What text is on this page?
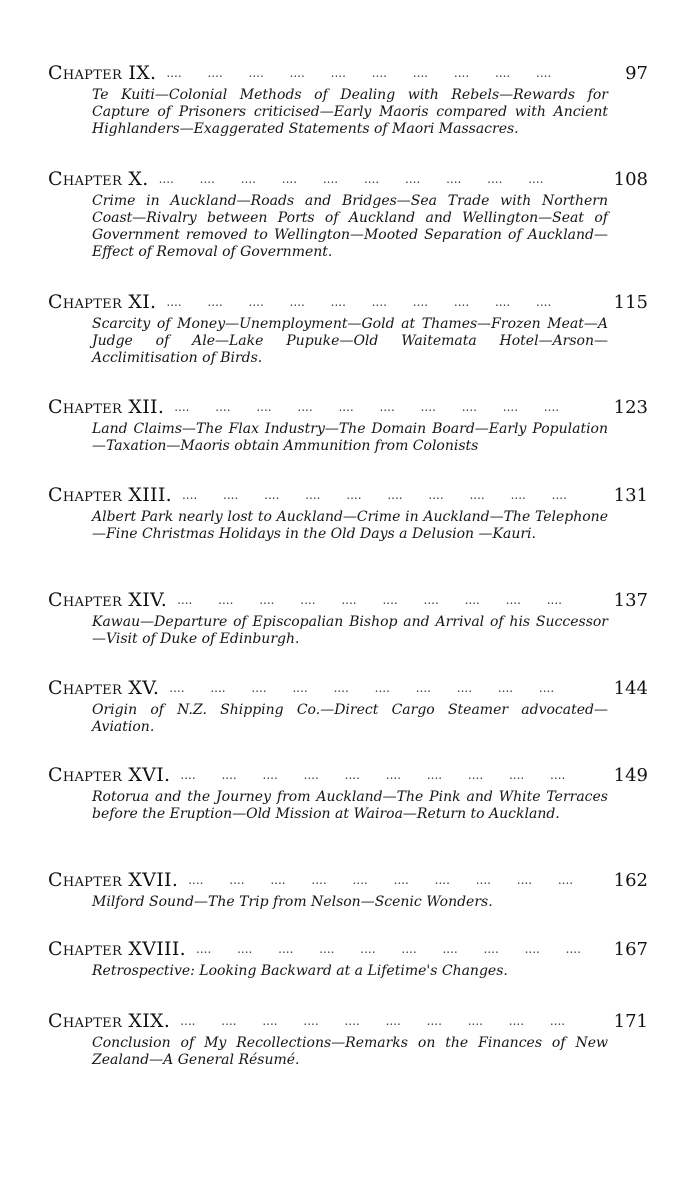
Chapter IX. .... .... .... .... .... .... .... .... .... ....	97
Te Kuiti—Colonial Methods of Dealing with Rebels—Rewards for Capture of Prisoners criticised—Early Maoris compared with Ancient Highlanders—Exaggerated Statements of Maori Massacres.
Chapter X. .... .... .... .... .... .... .... .... .... ....	108
Crime in Auckland—Roads and Bridges—Sea Trade with Northern Coast—Rivalry between Ports of Auckland and Wellington—Seat of Government removed to Wellington—Mooted Separation of Auckland—Effect of Removal of Government.
Chapter XI. .... .... .... .... .... .... .... .... .... ....	115
Scarcity of Money—Unemployment—Gold at Thames—Frozen Meat—A Judge of Ale—Lake Pupuke—Old Waitemata Hotel—Arson—Acclimitisation of Birds.
Chapter XII. .... .... .... .... .... .... .... .... .... ....	123
Land Claims—The Flax Industry—The Domain Board—Early Population—Taxation—Maoris obtain Ammunition from Colonists
Chapter XIII. .... .... .... .... .... .... .... .... .... ....	131
Albert Park nearly lost to Auckland—Crime in Auckland—The Telephone—Fine Christmas Holidays in the Old Days a Delusion —Kauri.
Chapter XIV. .... .... .... .... .... .... .... .... .... ....	137
Kawau—Departure of Episcopalian Bishop and Arrival of his Successor—Visit of Duke of Edinburgh.
Chapter XV. .... .... .... .... .... .... .... .... .... ....	144
Origin of N.Z. Shipping Co.—Direct Cargo Steamer advocated—Aviation.
Chapter XVI. .... .... .... .... .... .... .... .... .... ....	149
Rotorua and the Journey from Auckland—The Pink and White Terraces before the Eruption—Old Mission at Wairoa—Return to Auckland.
Chapter XVII. .... .... .... .... .... .... .... .... .... ....	162
Milford Sound—The Trip from Nelson—Scenic Wonders.
Chapter XVIII. .... .... .... .... .... .... .... .... .... ....	167
Retrospective: Looking Backward at a Lifetime's Changes.
Chapter XIX. .... .... .... .... .... .... .... .... .... ....	171
Conclusion of My Recollections—Remarks on the Finances of New Zealand—A General Résumé.
